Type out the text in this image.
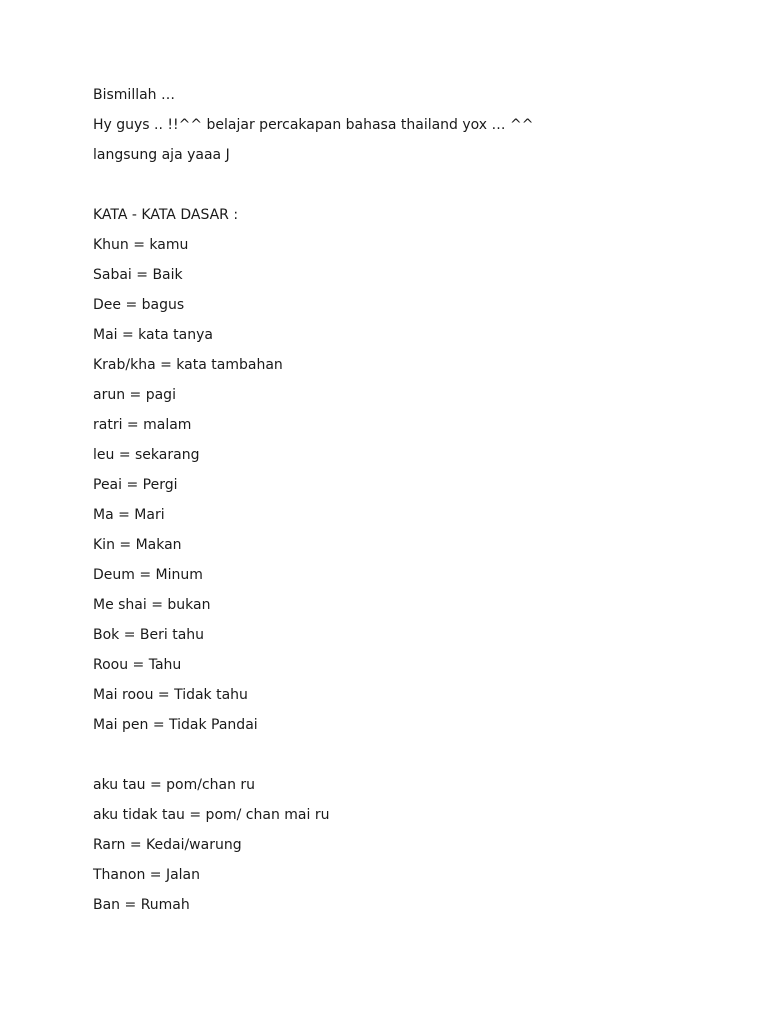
Bismillah …
Hy guys .. !!^^ belajar percakapan bahasa thailand yox … ^^
langsung aja yaaa J
KATA - KATA DASAR :
Khun = kamu
Sabai = Baik
Dee = bagus
Mai = kata tanya
Krab/kha = kata tambahan
arun = pagi
ratri = malam
leu = sekarang
Peai = Pergi
Ma = Mari
Kin = Makan
Deum = Minum
Me shai = bukan
Bok = Beri tahu
Roou = Tahu
Mai roou = Tidak tahu
Mai pen = Tidak Pandai
aku tau = pom/chan ru
aku tidak tau = pom/ chan mai ru
Rarn = Kedai/warung
Thanon = Jalan
Ban = Rumah
